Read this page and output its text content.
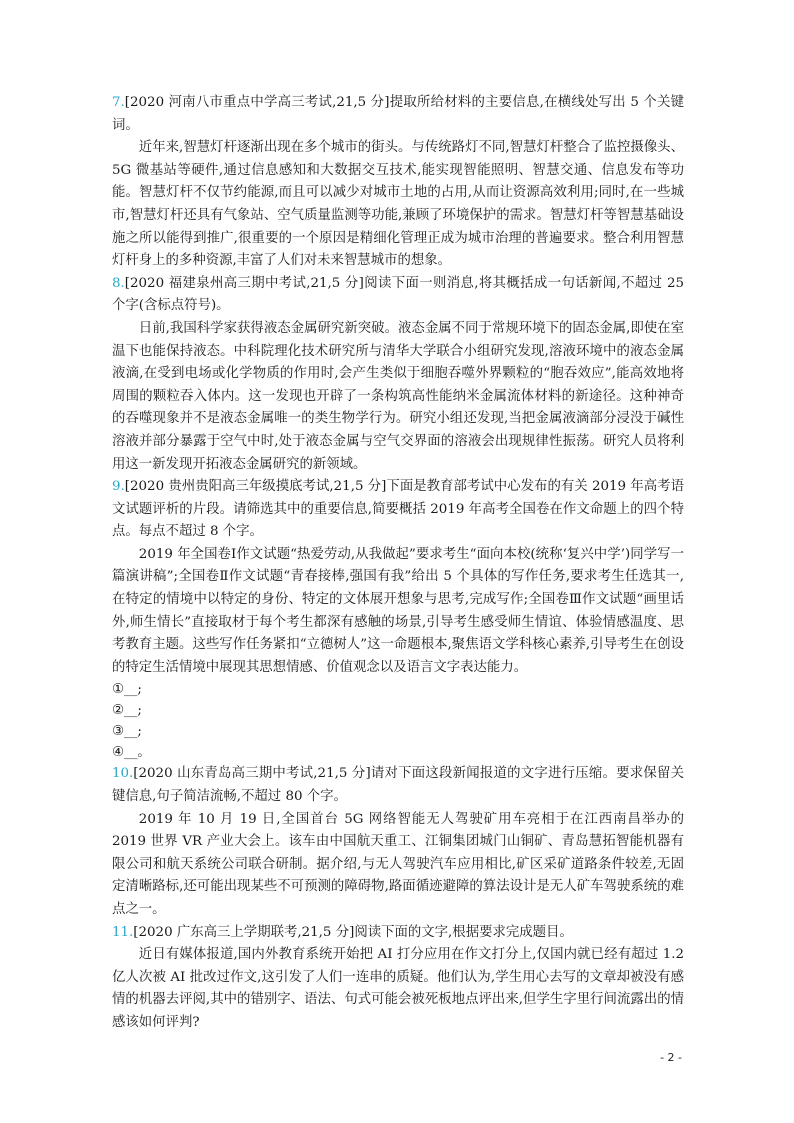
7.[2020 河南八市重点中学高三考试,21,5 分]提取所给材料的主要信息,在横线处写出 5 个关键词。

近年来,智慧灯杆逐渐出现在多个城市的街头。与传统路灯不同,智慧灯杆整合了监控摄像头、5G 微基站等硬件,通过信息感知和大数据交互技术,能实现智能照明、智慧交通、信息发布等功能。智慧灯杆不仅节约能源,而且可以减少对城市土地的占用,从而让资源高效利用;同时,在一些城市,智慧灯杆还具有气象站、空气质量监测等功能,兼顾了环境保护的需求。智慧灯杆等智慧基础设施之所以能得到推广,很重要的一个原因是精细化管理正成为城市治理的普遍要求。整合利用智慧灯杆身上的多种资源,丰富了人们对未来智慧城市的想象。

8.[2020 福建泉州高三期中考试,21,5 分]阅读下面一则消息,将其概括成一句话新闻,不超过 25 个字(含标点符号)。

日前,我国科学家获得液态金属研究新突破。液态金属不同于常规环境下的固态金属,即使在室温下也能保持液态。中科院理化技术研究所与清华大学联合小组研究发现,溶液环境中的液态金属液滴,在受到电场或化学物质的作用时,会产生类似于细胞吞噬外界颗粒的“胞吞效应”,能高效地将周围的颗粒吞入体内。这一发现也开辟了一条构筑高性能纳米金属流体材料的新途径。这种神奇的吞噬现象并不是液态金属唯一的类生物学行为。研究小组还发现,当把金属液滴部分浸没于碱性溶液并部分暴露于空气中时,处于液态金属与空气交界面的溶液会出现规律性振荡。研究人员将利用这一新发现开拓液态金属研究的新领域。

9.[2020 贵州贵阳高三年级摸底考试,21,5 分]下面是教育部考试中心发布的有关 2019 年高考语文试题评析的片段。请筛选其中的重要信息,简要概括 2019 年高考全国卷在作文命题上的四个特点。每点不超过 8 个字。

2019 年全国卷Ⅰ作文试题“热爱劳动,从我做起”要求考生“面向本校(统称‘复兴中学’)同学写一篇演讲稿”;全国卷Ⅱ作文试题“青春接棒,强国有我”给出 5 个具体的写作任务,要求考生任选其一,在特定的情境中以特定的身份、特定的文体展开想象与思考,完成写作;全国卷Ⅲ作文试题“画里话外,师生情长”直接取材于每个考生都深有感触的场景,引导考生感受师生情谊、体验情感温度、思考教育主题。这些写作任务紧扣“立德树人”这一命题根本,聚焦语文学科核心素养,引导考生在创设的特定生活情境中展现其思想情感、价值观念以及语言文字表达能力。

①__;

②__;

③__;

④__。

10.[2020 山东青岛高三期中考试,21,5 分]请对下面这段新闻报道的文字进行压缩。要求保留关键信息,句子简洁流畅,不超过 80 个字。

2019 年 10 月 19 日,全国首台 5G 网络智能无人驾驶矿用车亮相于在江西南昌举办的 2019 世界 VR 产业大会上。该车由中国航天重工、江铜集团城门山铜矿、青岛慧拓智能机器有限公司和航天系统公司联合研制。据介绍,与无人驾驶汽车应用相比,矿区采矿道路条件较差,无固定清晰路标,还可能出现某些不可预测的障碍物,路面循迹避障的算法设计是无人矿车驾驶系统的难点之一。

11.[2020 广东高三上学期联考,21,5 分]阅读下面的文字,根据要求完成题目。

近日有媒体报道,国内外教育系统开始把 AI 打分应用在作文打分上,仅国内就已经有超过 1.2 亿人次被 AI 批改过作文,这引发了人们一连串的质疑。他们认为,学生用心去写的文章却被没有感情的机器去评阅,其中的错别字、语法、句式可能会被死板地点评出来,但学生字里行间流露出的情感该如何评判?

- 2 -
